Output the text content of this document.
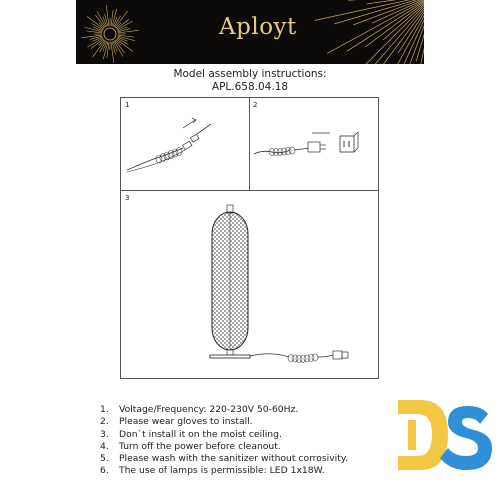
Aployt
Model assembly instructions:
APL.658.04.18
1	2
3
1.	Voltage/Frequency: 220-230V 50-60Hz.
2.	Please wear gloves to install.
3.	Don`t install it on the moist ceiling.
4.	Turn off the power before cleanout.
5.	Please wash with the sanitizer without corrosivity.
6.	The use of lamps is permissible: LED 1x18W.
